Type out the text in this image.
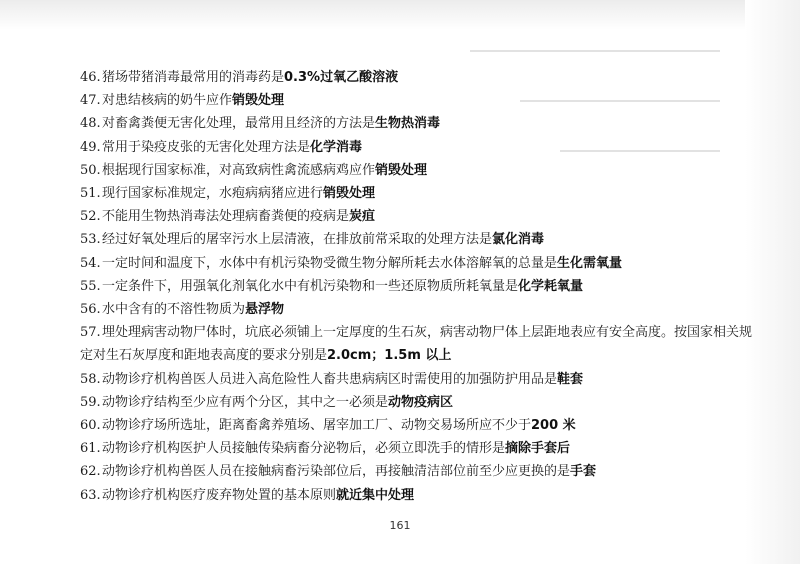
46.猪场带猪消毒最常用的消毒药是0.3%过氧乙酸溶液
47.对患结核病的奶牛应作销毁处理
48.对畜禽粪便无害化处理，最常用且经济的方法是生物热消毒
49.常用于染疫皮张的无害化处理方法是化学消毒
50.根据现行国家标准，对高致病性禽流感病鸡应作销毁处理
51.现行国家标准规定，水疱病病猪应进行销毁处理
52.不能用生物热消毒法处理病畜粪便的疫病是炭疽
53.经过好氧处理后的屠宰污水上层清液，在排放前常采取的处理方法是氯化消毒
54.一定时间和温度下，水体中有机污染物受微生物分解所耗去水体溶解氧的总量是生化需氧量
55.一定条件下，用强氧化剂氧化水中有机污染物和一些还原物质所耗氧量是化学耗氧量
56.水中含有的不溶性物质为悬浮物
57.埋处理病害动物尸体时，坑底必须铺上一定厚度的生石灰，病害动物尸体上层距地表应有安全高度。按国家相关规定对生石灰厚度和距地表高度的要求分别是2.0cm；1.5m 以上
58.动物诊疗机构兽医人员进入高危险性人畜共患病病区时需使用的加强防护用品是鞋套
59.动物诊疗结构至少应有两个分区，其中之一必须是动物疫病区
60.动物诊疗场所选址，距离畜禽养殖场、屠宰加工厂、动物交易场所应不少于200 米
61.动物诊疗机构医护人员接触传染病畜分泌物后，必须立即洗手的情形是摘除手套后
62.动物诊疗机构兽医人员在接触病畜污染部位后，再接触清洁部位前至少应更换的是手套
63.动物诊疗机构医疗废弃物处置的基本原则就近集中处理
161
